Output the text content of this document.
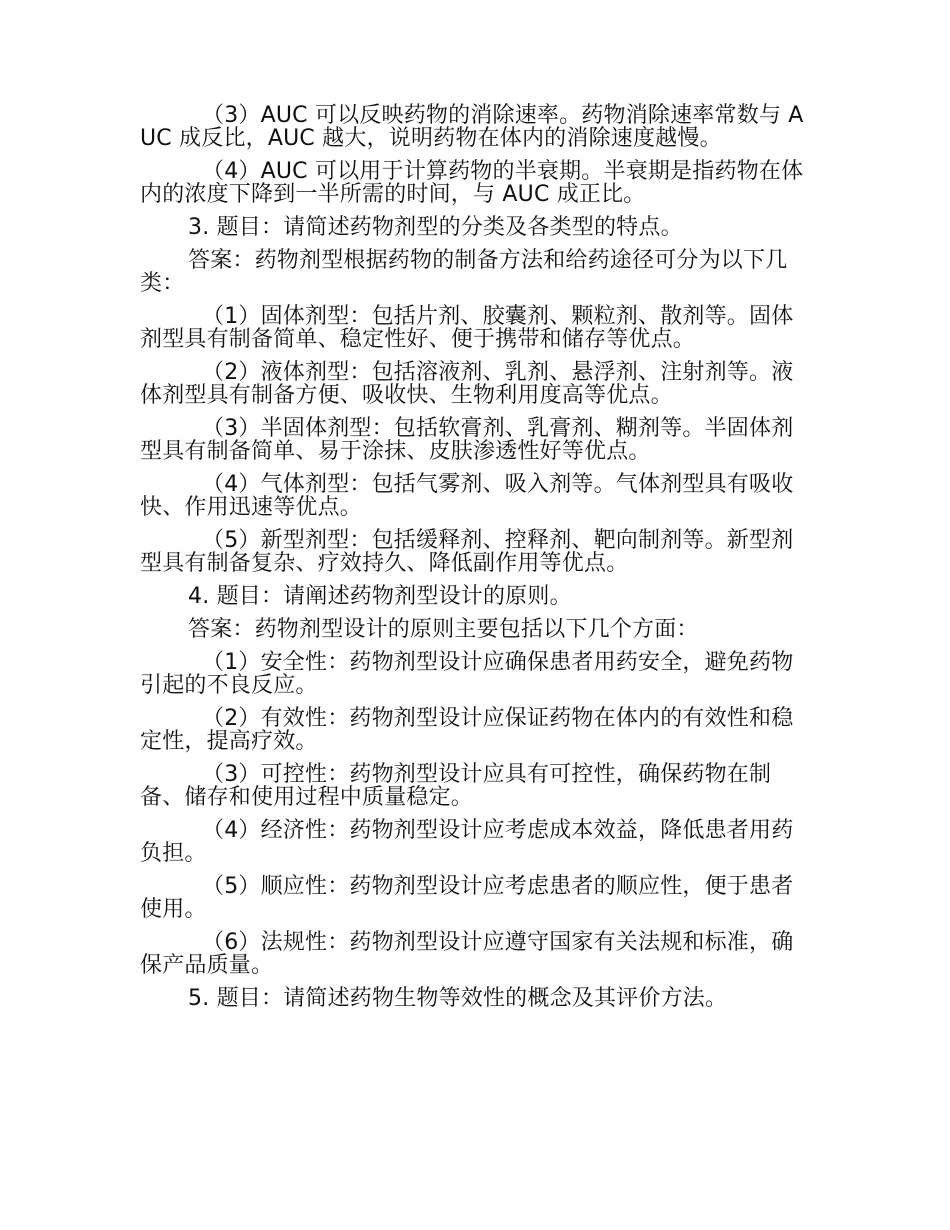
（3）AUC 可以反映药物的消除速率。药物消除速率常数与 AUC 成反比，AUC 越大，说明药物在体内的消除速度越慢。

（4）AUC 可以用于计算药物的半衰期。半衰期是指药物在体内的浓度下降到一半所需的时间，与 AUC 成正比。

3. 题目：请简述药物剂型的分类及各类型的特点。

答案：药物剂型根据药物的制备方法和给药途径可分为以下几类：

（1）固体剂型：包括片剂、胶囊剂、颗粒剂、散剂等。固体剂型具有制备简单、稳定性好、便于携带和储存等优点。

（2）液体剂型：包括溶液剂、乳剂、悬浮剂、注射剂等。液体剂型具有制备方便、吸收快、生物利用度高等优点。

（3）半固体剂型：包括软膏剂、乳膏剂、糊剂等。半固体剂型具有制备简单、易于涂抹、皮肤渗透性好等优点。

（4）气体剂型：包括气雾剂、吸入剂等。气体剂型具有吸收快、作用迅速等优点。

（5）新型剂型：包括缓释剂、控释剂、靶向制剂等。新型剂型具有制备复杂、疗效持久、降低副作用等优点。

4. 题目：请阐述药物剂型设计的原则。

答案：药物剂型设计的原则主要包括以下几个方面：

（1）安全性：药物剂型设计应确保患者用药安全，避免药物引起的不良反应。

（2）有效性：药物剂型设计应保证药物在体内的有效性和稳定性，提高疗效。

（3）可控性：药物剂型设计应具有可控性，确保药物在制备、储存和使用过程中质量稳定。

（4）经济性：药物剂型设计应考虑成本效益，降低患者用药负担。

（5）顺应性：药物剂型设计应考虑患者的顺应性，便于患者使用。

（6）法规性：药物剂型设计应遵守国家有关法规和标准，确保产品质量。

5. 题目：请简述药物生物等效性的概念及其评价方法。
